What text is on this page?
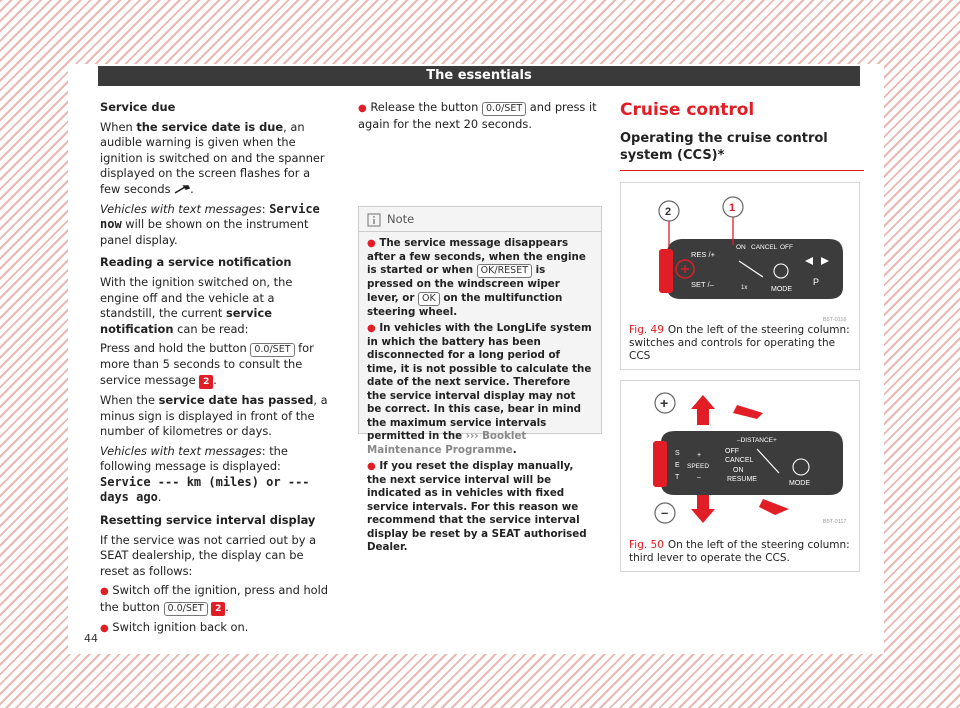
The essentials

Service due

When the service date is due, an audible warning is given when the ignition is switched on and the spanner displayed on the screen flashes for a few seconds .

Vehicles with text messages: Service now will be shown on the instrument panel display.

Reading a service notification

With the ignition switched on, the engine off and the vehicle at a standstill, the current service notification can be read:

Press and hold the button 0.0/SET for more than 5 seconds to consult the service message 2 .

When the service date has passed, a minus sign is displayed in front of the number of kilometres or days.

Vehicles with text messages: the following message is displayed: Service --- km (miles) or --- days ago.

Resetting service interval display

If the service was not carried out by a SEAT dealership, the display can be reset as follows:

● Switch off the ignition, press and hold the button 0.0/SET 2 .

● Switch ignition back on.

● Release the button 0.0/SET and press it again for the next 20 seconds.

Note

● The service message disappears after a few seconds, when the engine is started or when OK/RESET is pressed on the windscreen wiper lever, or OK on the multifunction steering wheel.

● In vehicles with the LongLife system in which the battery has been disconnected for a long period of time, it is not possible to calculate the date of the next service. Therefore the service interval display may not be correct. In this case, bear in mind the maximum service intervals permitted in the ››› Booklet Maintenance Programme.

● If you reset the display manually, the next service interval will be indicated as in vehicles with fixed service intervals. For this reason we recommend that the service interval display be reset by a SEAT authorised Dealer.

Cruise control

Operating the cruise control system (CCS)*

RES /+
ON CANCEL OFF
SET /–	1x	MODE
P
2	1
B5T-0116
Fig. 49 On the left of the steering column: switches and controls for operating the CCS
+
–
–DISTANCE+
S
E
T
+
–
OFF
CANCEL
ON
RESUME
SPEED
MODE
B5T-0117
Fig. 50 On the left of the steering column: third lever to operate the CCS.
44
